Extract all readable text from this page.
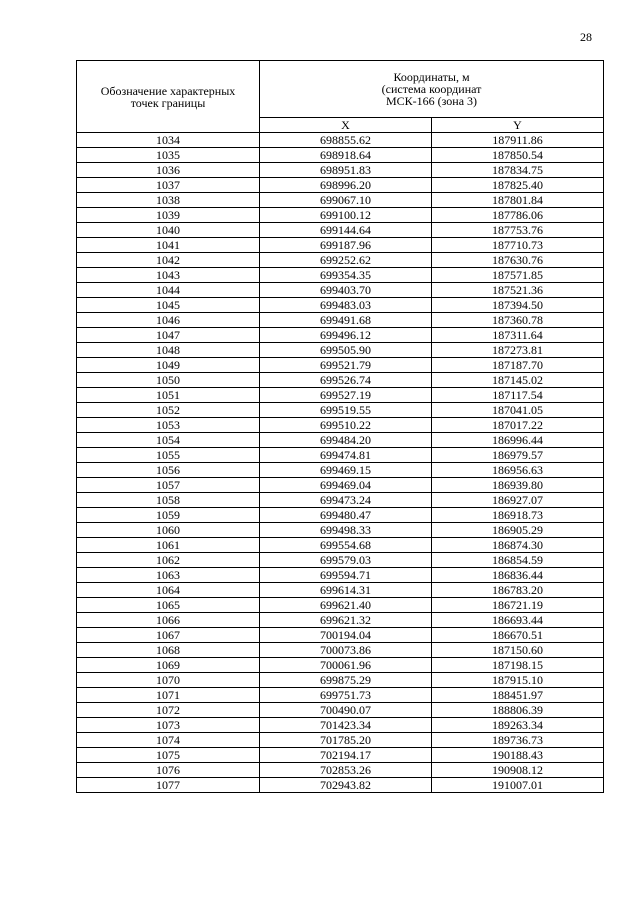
28
Обозначение характерных
точек границы	Координаты, м
(система координат
МСК-166 (зона 3)	

	X	Y
1034	698855.62	187911.86
1035	698918.64	187850.54
1036	698951.83	187834.75
1037	698996.20	187825.40
1038	699067.10	187801.84
1039	699100.12	187786.06
1040	699144.64	187753.76
1041	699187.96	187710.73
1042	699252.62	187630.76
1043	699354.35	187571.85
1044	699403.70	187521.36
1045	699483.03	187394.50
1046	699491.68	187360.78
1047	699496.12	187311.64
1048	699505.90	187273.81
1049	699521.79	187187.70
1050	699526.74	187145.02
1051	699527.19	187117.54
1052	699519.55	187041.05
1053	699510.22	187017.22
1054	699484.20	186996.44
1055	699474.81	186979.57
1056	699469.15	186956.63
1057	699469.04	186939.80
1058	699473.24	186927.07
1059	699480.47	186918.73
1060	699498.33	186905.29
1061	699554.68	186874.30
1062	699579.03	186854.59
1063	699594.71	186836.44
1064	699614.31	186783.20
1065	699621.40	186721.19
1066	699621.32	186693.44
1067	700194.04	186670.51
1068	700073.86	187150.60
1069	700061.96	187198.15
1070	699875.29	187915.10
1071	699751.73	188451.97
1072	700490.07	188806.39
1073	701423.34	189263.34
1074	701785.20	189736.73
1075	702194.17	190188.43
1076	702853.26	190908.12
1077	702943.82	191007.01
